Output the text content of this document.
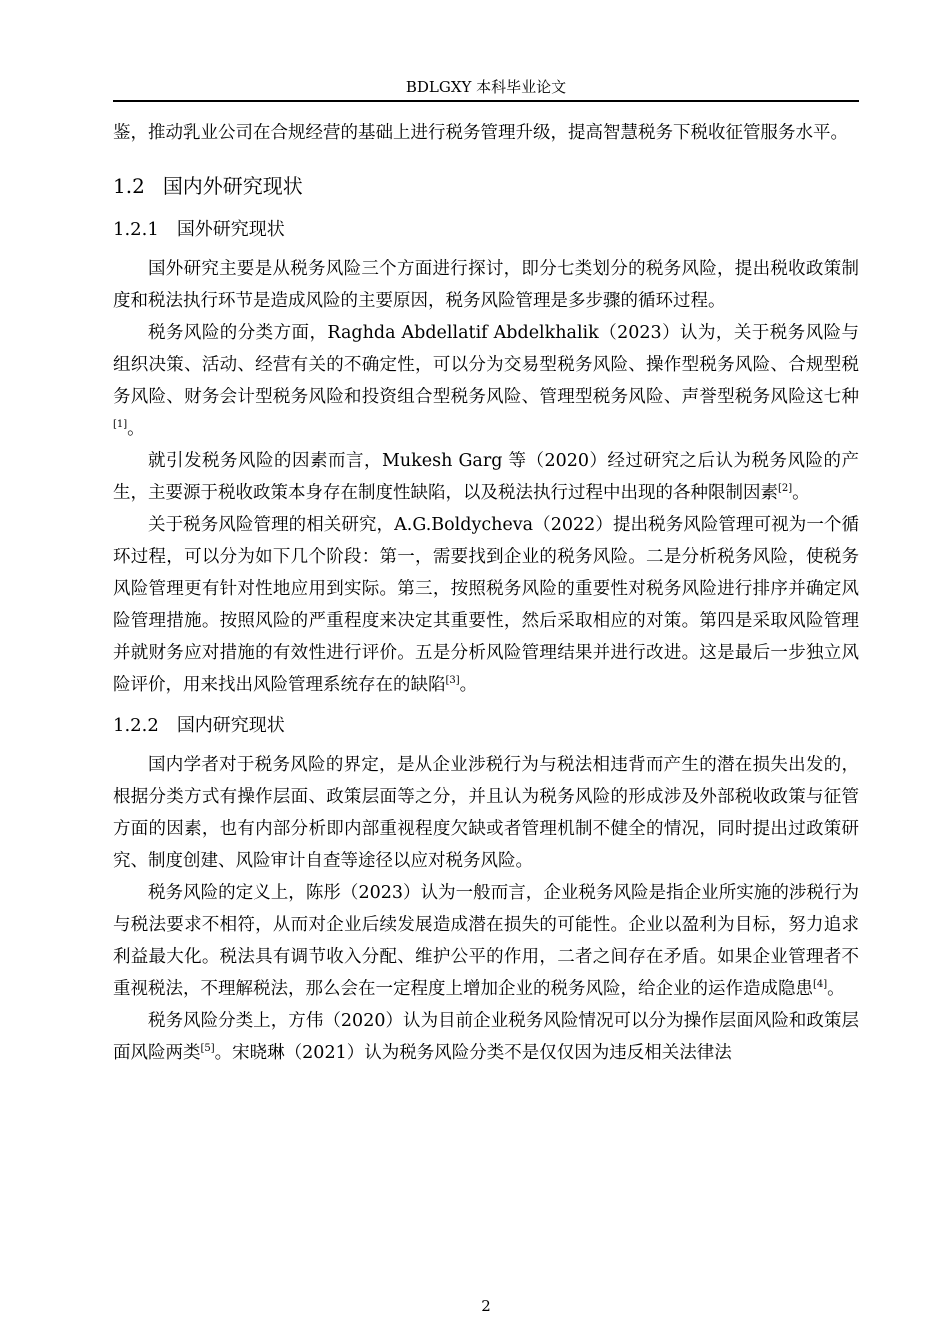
BDLGXY 本科毕业论文

鉴，推动乳业公司在合规经营的基础上进行税务管理升级，提高智慧税务下税收征管服务水平。

1.2 国内外研究现状
1.2.1 国外研究现状

国外研究主要是从税务风险三个方面进行探讨，即分七类划分的税务风险，提出税收政策制度和税法执行环节是造成风险的主要原因，税务风险管理是多步骤的循环过程。

税务风险的分类方面，Raghda Abdellatif Abdelkhalik（2023）认为，关于税务风险与组织决策、活动、经营有关的不确定性，可以分为交易型税务风险、操作型税务风险、合规型税务风险、财务会计型税务风险和投资组合型税务风险、管理型税务风险、声誉型税务风险这七种[1]。

就引发税务风险的因素而言，Mukesh Garg 等（2020）经过研究之后认为税务风险的产生，主要源于税收政策本身存在制度性缺陷，以及税法执行过程中出现的各种限制因素[2]。

关于税务风险管理的相关研究，A.G.Boldycheva（2022）提出税务风险管理可视为一个循环过程，可以分为如下几个阶段：第一，需要找到企业的税务风险。二是分析税务风险，使税务风险管理更有针对性地应用到实际。第三，按照税务风险的重要性对税务风险进行排序并确定风险管理措施。按照风险的严重程度来决定其重要性，然后采取相应的对策。第四是采取风险管理并就财务应对措施的有效性进行评价。五是分析风险管理结果并进行改进。这是最后一步独立风险评价，用来找出风险管理系统存在的缺陷[3]。

1.2.2 国内研究现状

国内学者对于税务风险的界定，是从企业涉税行为与税法相违背而产生的潜在损失出发的，根据分类方式有操作层面、政策层面等之分，并且认为税务风险的形成涉及外部税收政策与征管方面的因素，也有内部分析即内部重视程度欠缺或者管理机制不健全的情况，同时提出过政策研究、制度创建、风险审计自查等途径以应对税务风险。

税务风险的定义上，陈彤（2023）认为一般而言，企业税务风险是指企业所实施的涉税行为与税法要求不相符，从而对企业后续发展造成潜在损失的可能性。企业以盈利为目标，努力追求利益最大化。税法具有调节收入分配、维护公平的作用，二者之间存在矛盾。如果企业管理者不重视税法，不理解税法，那么会在一定程度上增加企业的税务风险，给企业的运作造成隐患[4]。

税务风险分类上，方伟（2020）认为目前企业税务风险情况可以分为操作层面风险和政策层面风险两类[5]。宋晓琳（2021）认为税务风险分类不是仅仅因为违反相关法律法

2
